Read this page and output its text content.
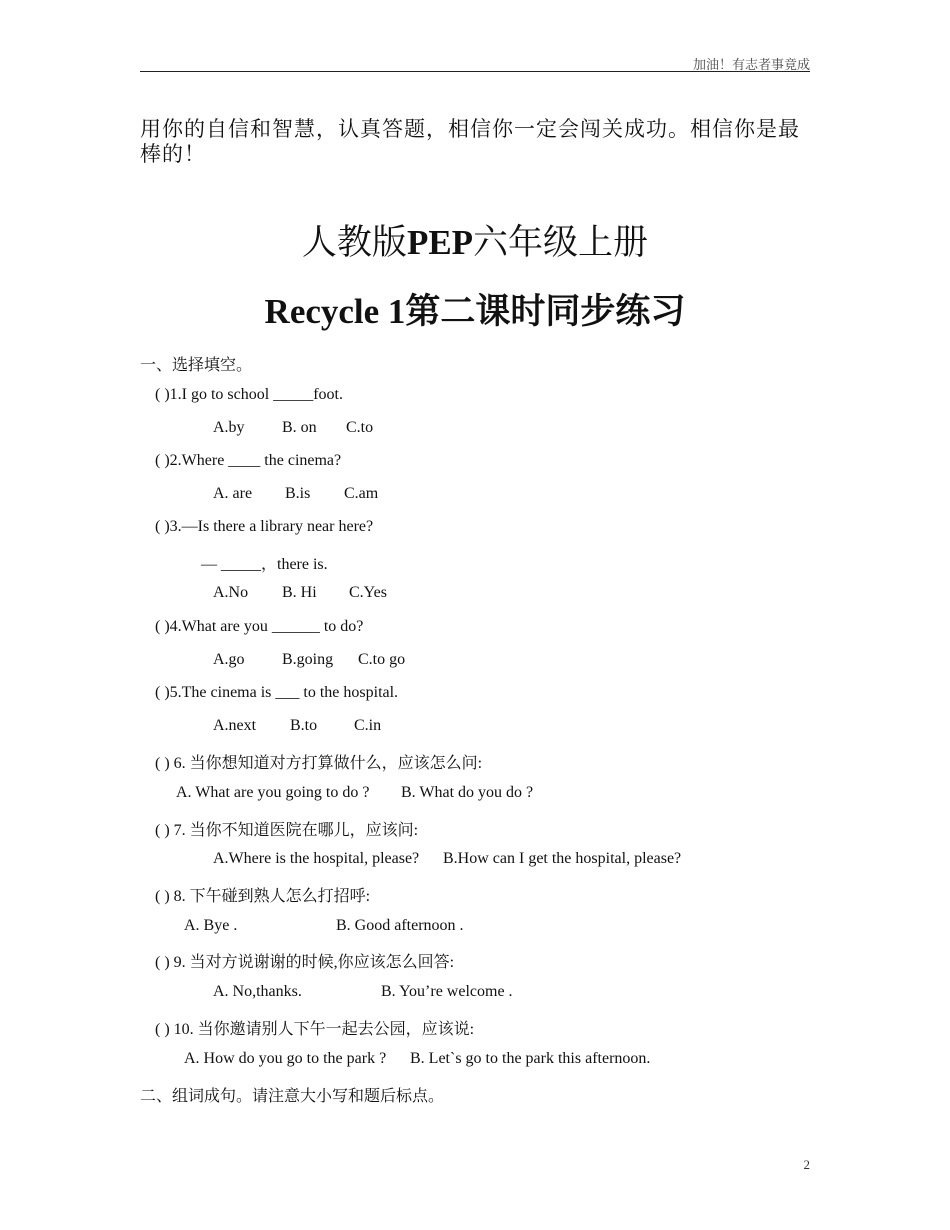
加油！有志者事竟成
用你的自信和智慧，认真答题，相信你一定会闯关成功。相信你是最棒的！
人教版PEP六年级上册
Recycle 1第二课时同步练习
一、选择填空。
( )1.I go to school _____foot.
A.by B. on C.to
( )2.Where ____ the cinema?
A. are B.is C.am
( )3.—Is there a library near here?
— _____，there is.
A.No B. Hi C.Yes
( )4.What are you ______ to do?
A.go B.going C.to go
( )5.The cinema is ___ to the hospital.
A.next B.to C.in
( ) 6. 当你想知道对方打算做什么，应该怎么问:
A. What are you going to do ? B. What do you do ?
( ) 7. 当你不知道医院在哪儿，应该问:
A.Where is the hospital, please? B.How can I get the hospital, please?
( ) 8. 下午碰到熟人怎么打招呼:
A. Bye .	B. Good afternoon .
( ) 9. 当对方说谢谢的时候,你应该怎么回答:
A. No,thanks.	B. You’re welcome .
( ) 10. 当你邀请别人下午一起去公园，应该说:
A. How do you go to the park ? B. Let`s go to the park this afternoon.
二、组词成句。请注意大小写和题后标点。
2
